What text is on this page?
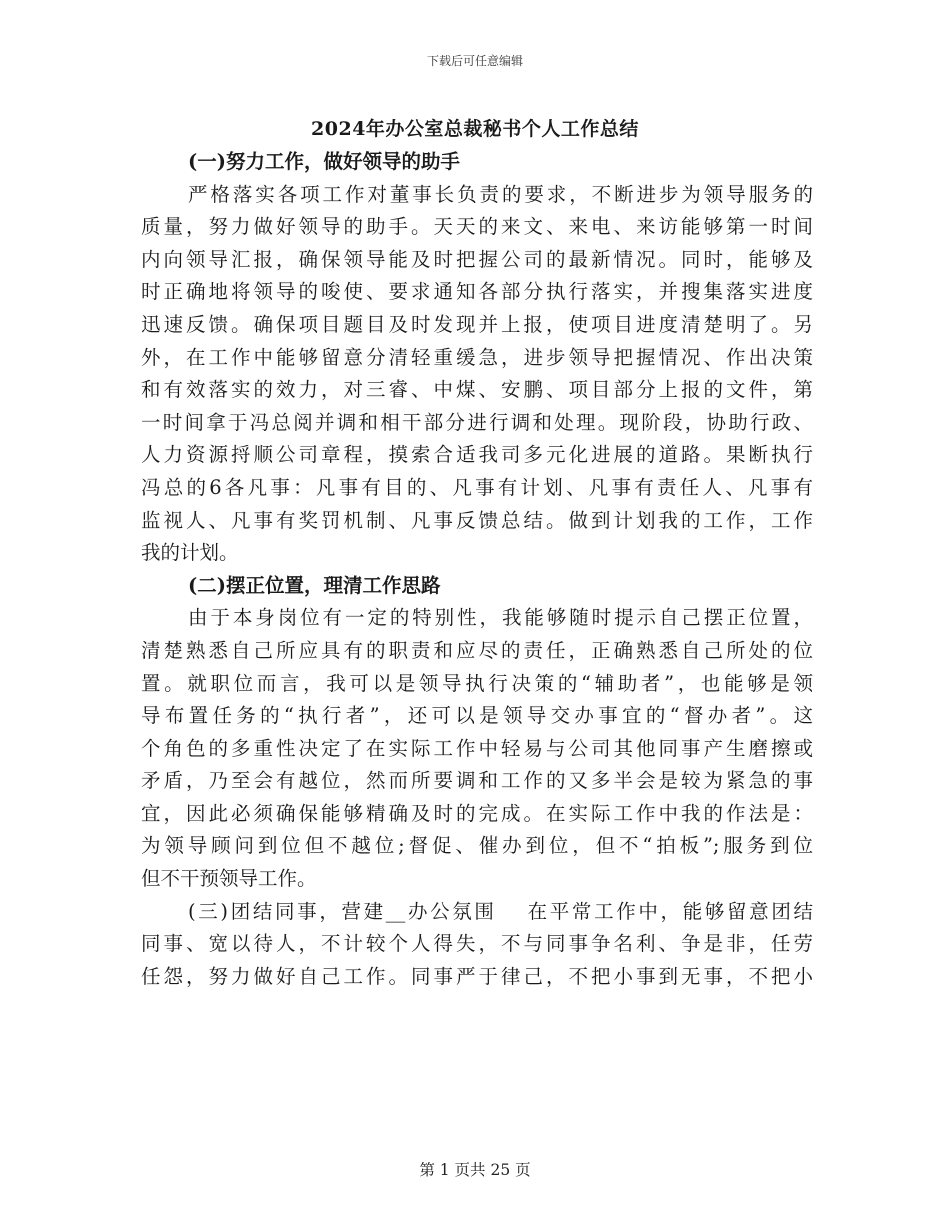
下载后可任意编辑
2024年办公室总裁秘书个人工作总结
(一)努力工作，做好领导的助手
严格落实各项工作对董事长负责的要求，不断进步为领导服务的
质量，努力做好领导的助手。天天的来文、来电、来访能够第一时间
内向领导汇报，确保领导能及时把握公司的最新情况。同时，能够及
时正确地将领导的唆使、要求通知各部分执行落实，并搜集落实进度
迅速反馈。确保项目题目及时发现并上报，使项目进度清楚明了。另
外，在工作中能够留意分清轻重缓急，进步领导把握情况、作出决策
和有效落实的效力，对三睿、中煤、安鹏、项目部分上报的文件，第
一时间拿于冯总阅并调和相干部分进行调和处理。现阶段，协助行政、
人力资源捋顺公司章程，摸索合适我司多元化进展的道路。果断执行
冯总的6各凡事：凡事有目的、凡事有计划、凡事有责任人、凡事有
监视人、凡事有奖罚机制、凡事反馈总结。做到计划我的工作，工作
我的计划。
(二)摆正位置，理清工作思路
由于本身岗位有一定的特别性，我能够随时提示自己摆正位置，
清楚熟悉自己所应具有的职责和应尽的责任，正确熟悉自己所处的位
置。就职位而言，我可以是领导执行决策的“辅助者”，也能够是领
导布置任务的“执行者”，还可以是领导交办事宜的“督办者”。这
个角色的多重性决定了在实际工作中轻易与公司其他同事产生磨擦或
矛盾，乃至会有越位，然而所要调和工作的又多半会是较为紧急的事
宜，因此必须确保能够精确及时的完成。在实际工作中我的作法是：
为领导顾问到位但不越位;督促、催办到位，但不“拍板”;服务到位
但不干预领导工作。
(三)团结同事，营建__办公氛围　 在平常工作中，能够留意团结
同事、宽以待人，不计较个人得失，不与同事争名利、争是非，任劳
任怨，努力做好自己工作。同事严于律己，不把小事到无事，不把小
第 1 页共 25 页
